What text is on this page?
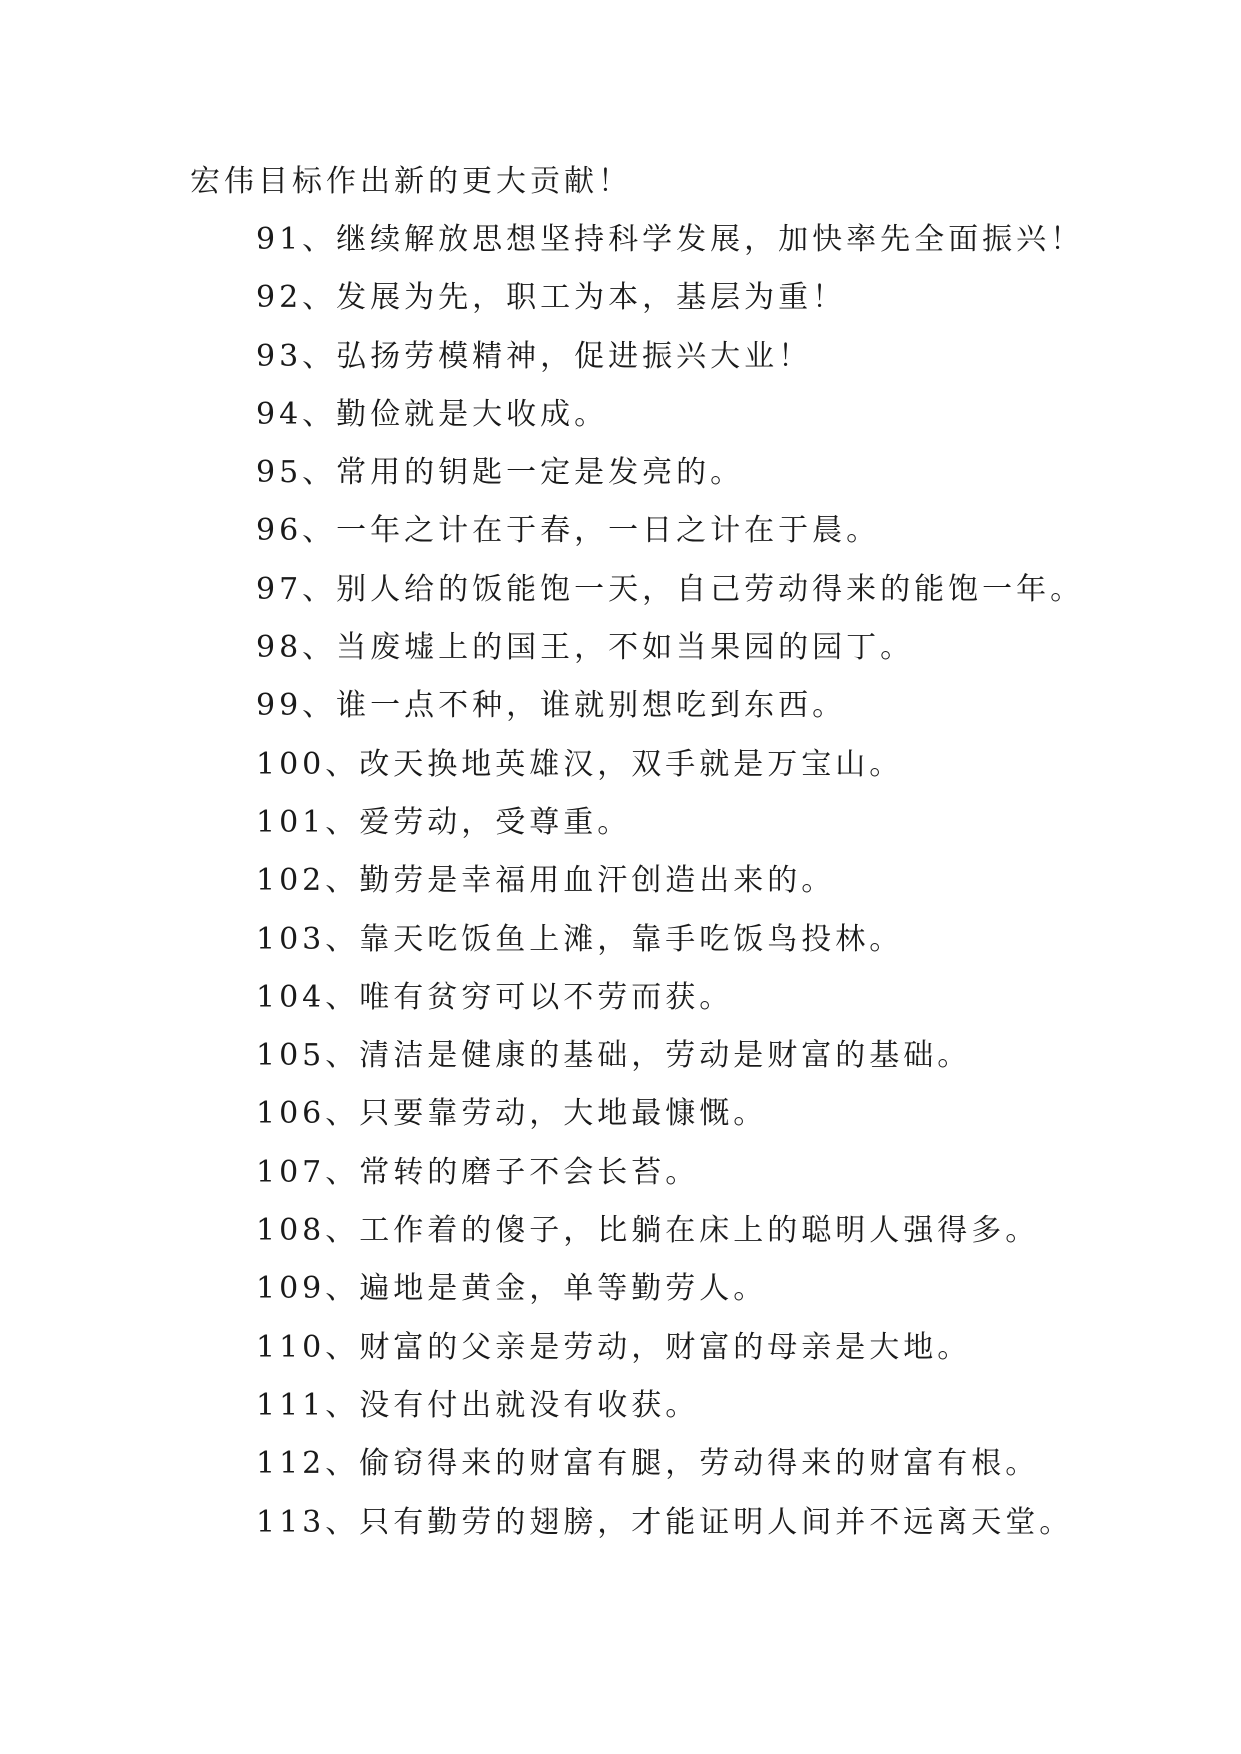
宏伟目标作出新的更大贡献！
91、继续解放思想坚持科学发展，加快率先全面振兴！
92、发展为先，职工为本，基层为重！
93、弘扬劳模精神，促进振兴大业！
94、勤俭就是大收成。
95、常用的钥匙一定是发亮的。
96、一年之计在于春，一日之计在于晨。
97、别人给的饭能饱一天，自己劳动得来的能饱一年。
98、当废墟上的国王，不如当果园的园丁。
99、谁一点不种，谁就别想吃到东西。
100、改天换地英雄汉，双手就是万宝山。
101、爱劳动，受尊重。
102、勤劳是幸福用血汗创造出来的。
103、靠天吃饭鱼上滩，靠手吃饭鸟投林。
104、唯有贫穷可以不劳而获。
105、清洁是健康的基础，劳动是财富的基础。
106、只要靠劳动，大地最慷慨。
107、常转的磨子不会长苔。
108、工作着的傻子，比躺在床上的聪明人强得多。
109、遍地是黄金，单等勤劳人。
110、财富的父亲是劳动，财富的母亲是大地。
111、没有付出就没有收获。
112、偷窃得来的财富有腿，劳动得来的财富有根。
113、只有勤劳的翅膀，才能证明人间并不远离天堂。
